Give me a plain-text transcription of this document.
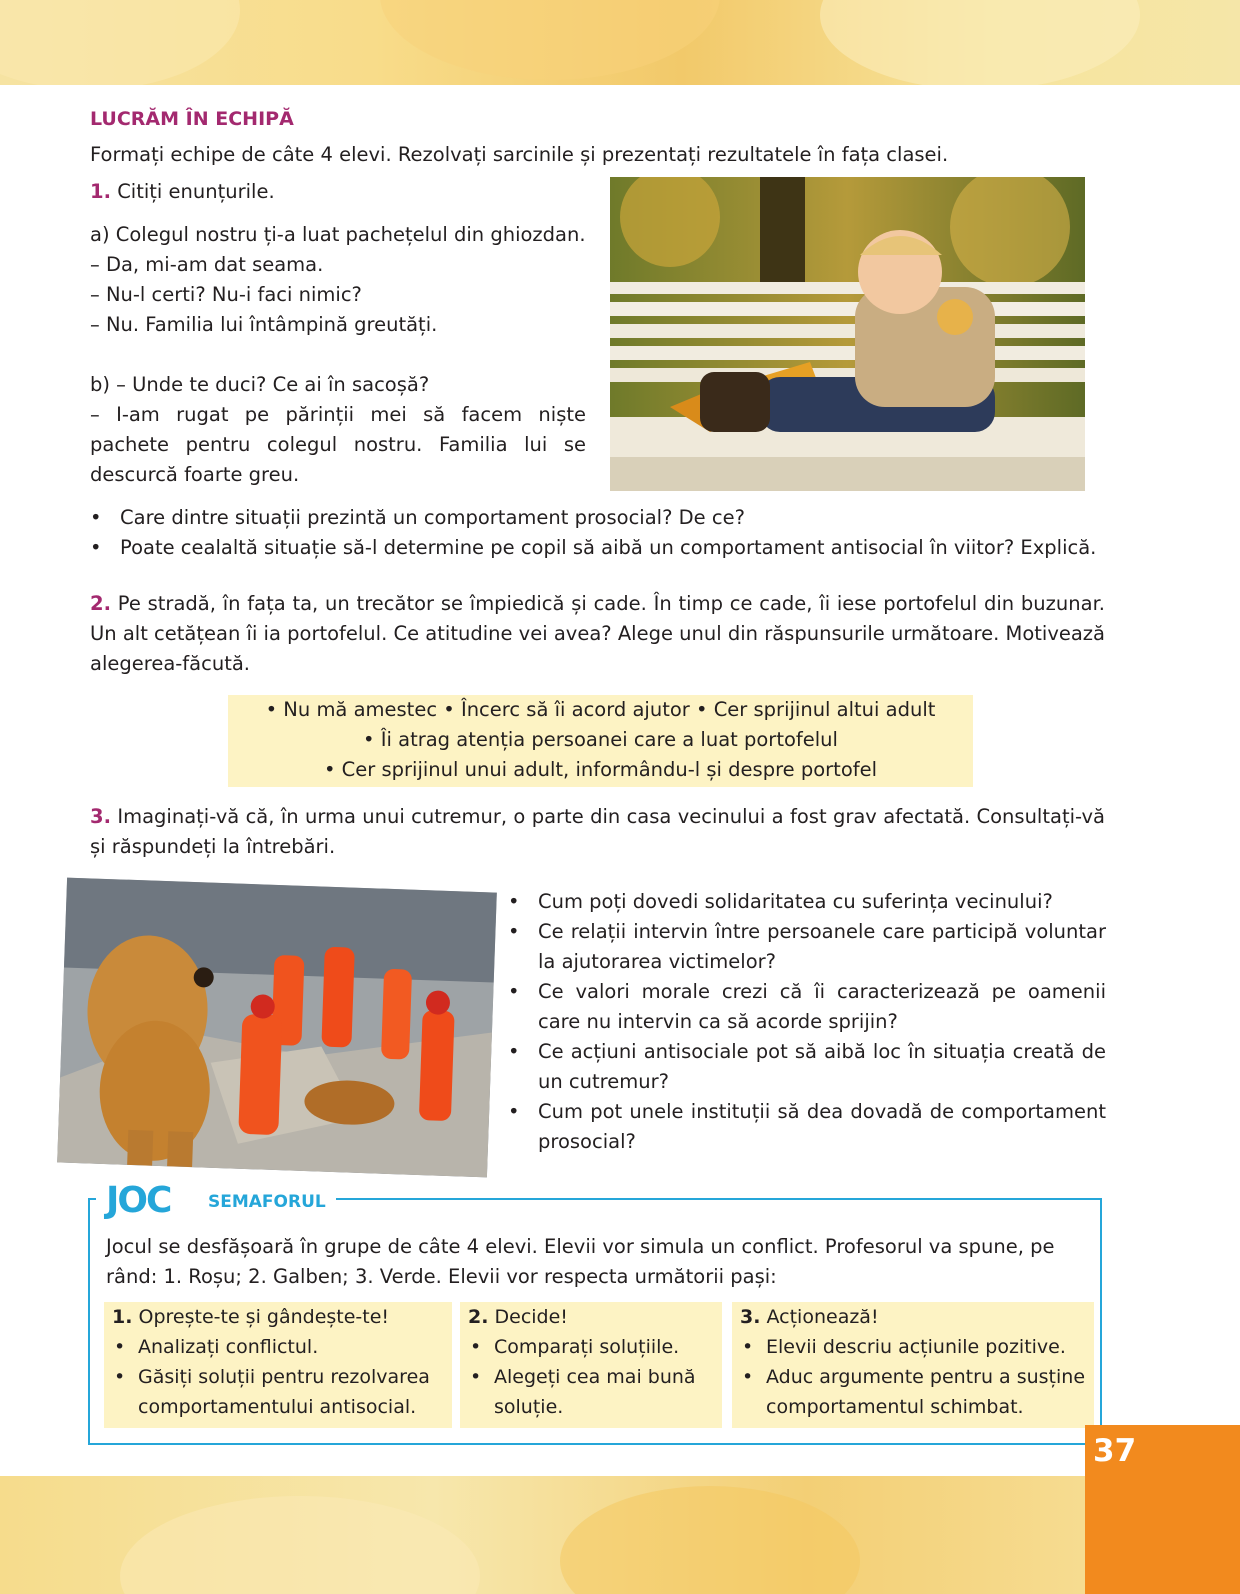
LUCRĂM ÎN ECHIPĂ
Formați echipe de câte 4 elevi. Rezolvați sarcinile și prezentați rezultatele în fața clasei.
1. Citiți enunțurile.
a) Colegul nostru ți-a luat pachețelul din ghiozdan.
– Da, mi-am dat seama.
– Nu-l certi? Nu-i faci nimic?
– Nu. Familia lui întâmpină greutăți.
b) – Unde te duci? Ce ai în sacoșă?
– I-am rugat pe părinții mei să facem niște pachete pentru colegul nostru. Familia lui se descurcă foarte greu.
• Care dintre situații prezintă un comportament prosocial? De ce?
• Poate cealaltă situație să-l determine pe copil să aibă un comportament antisocial în viitor? Explică.
2. Pe stradă, în fața ta, un trecător se împiedică și cade. În timp ce cade, îi iese portofelul din buzunar. Un alt cetățean îi ia portofelul. Ce atitudine vei avea? Alege unul din răspunsurile următoare. Motivează alegerea-făcută.
• Nu mă amestec • Încerc să îi acord ajutor • Cer sprijinul altui adult
• Îi atrag atenția persoanei care a luat portofelul
• Cer sprijinul unui adult, informându-l și despre portofel
3. Imaginați-vă că, în urma unui cutremur, o parte din casa vecinului a fost grav afectată. Consultați-vă și răspundeți la întrebări.
• Cum poți dovedi solidaritatea cu suferința vecinului?
• Ce relații intervin între persoanele care participă voluntar la ajutorarea victimelor?
• Ce valori morale crezi că îi caracterizează pe oamenii care nu intervin ca să acorde sprijin?
• Ce acțiuni antisociale pot să aibă loc în situația creată de un cutremur?
• Cum pot unele instituții să dea dovadă de comportament prosocial?
JOC SEMAFORUL
Jocul se desfășoară în grupe de câte 4 elevi. Elevii vor simula un conflict. Profesorul va spune, pe rând: 1. Roșu; 2. Galben; 3. Verde. Elevii vor respecta următorii pași:
1. Oprește-te și gândește-te!
• Analizați conflictul.
• Găsiți soluții pentru rezolvarea comportamentului antisocial.
2. Decide!
• Comparați soluțiile.
• Alegeți cea mai bună soluție.
3. Acționează!
• Elevii descriu acțiunile pozitive.
• Aduc argumente pentru a susține comportamentul schimbat.
37
